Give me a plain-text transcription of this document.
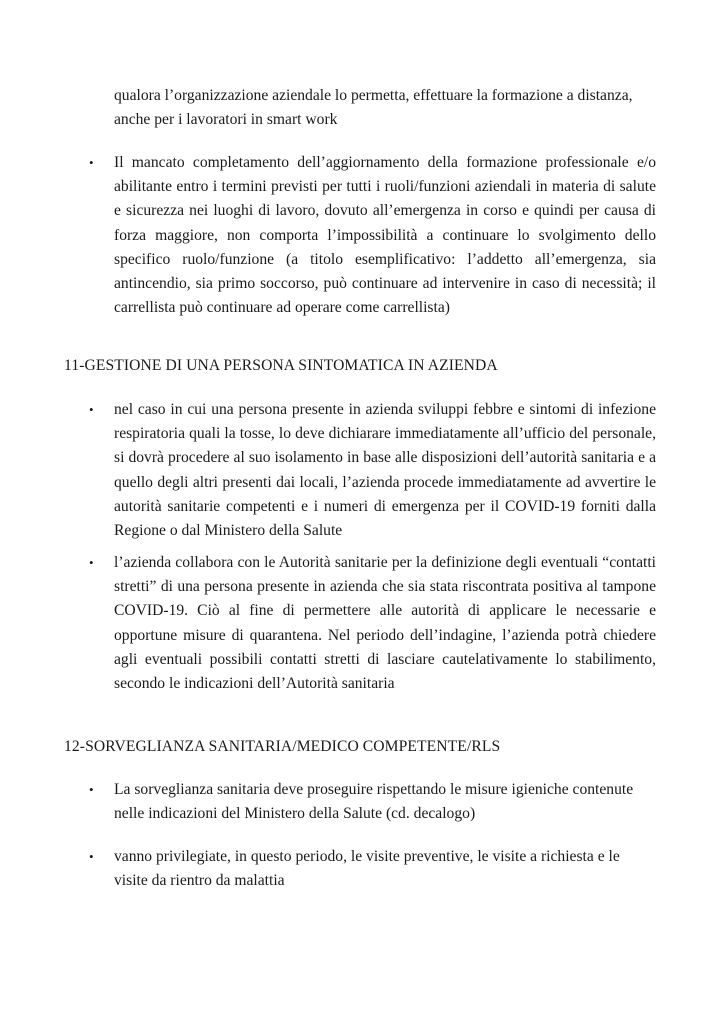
qualora l’organizzazione aziendale lo permetta, effettuare la formazione a distanza, anche per i lavoratori in smart work

• Il mancato completamento dell’aggiornamento della formazione professionale e/o abilitante entro i termini previsti per tutti i ruoli/funzioni aziendali in materia di salute e sicurezza nei luoghi di lavoro, dovuto all’emergenza in corso e quindi per causa di forza maggiore, non comporta l’impossibilità a continuare lo svolgimento dello specifico ruolo/funzione (a titolo esemplificativo: l’addetto all’emergenza, sia antincendio, sia primo soccorso, può continuare ad intervenire in caso di necessità; il carrellista può continuare ad operare come carrellista)

11-GESTIONE DI UNA PERSONA SINTOMATICA IN AZIENDA
• nel caso in cui una persona presente in azienda sviluppi febbre e sintomi di infezione respiratoria quali la tosse, lo deve dichiarare immediatamente all’ufficio del personale, si dovrà procedere al suo isolamento in base alle disposizioni dell’autorità sanitaria e a quello degli altri presenti dai locali, l’azienda procede immediatamente ad avvertire le autorità sanitarie competenti e i numeri di emergenza per il COVID-19 forniti dalla Regione o dal Ministero della Salute

• l’azienda collabora con le Autorità sanitarie per la definizione degli eventuali “contatti stretti” di una persona presente in azienda che sia stata riscontrata positiva al tampone COVID-19. Ciò al fine di permettere alle autorità di applicare le necessarie e opportune misure di quarantena. Nel periodo dell’indagine, l’azienda potrà chiedere agli eventuali possibili contatti stretti di lasciare cautelativamente lo stabilimento, secondo le indicazioni dell’Autorità sanitaria

12-SORVEGLIANZA SANITARIA/MEDICO COMPETENTE/RLS
• La sorveglianza sanitaria deve proseguire rispettando le misure igieniche contenute nelle indicazioni del Ministero della Salute (cd. decalogo)

• vanno privilegiate, in questo periodo, le visite preventive, le visite a richiesta e le visite da rientro da malattia
